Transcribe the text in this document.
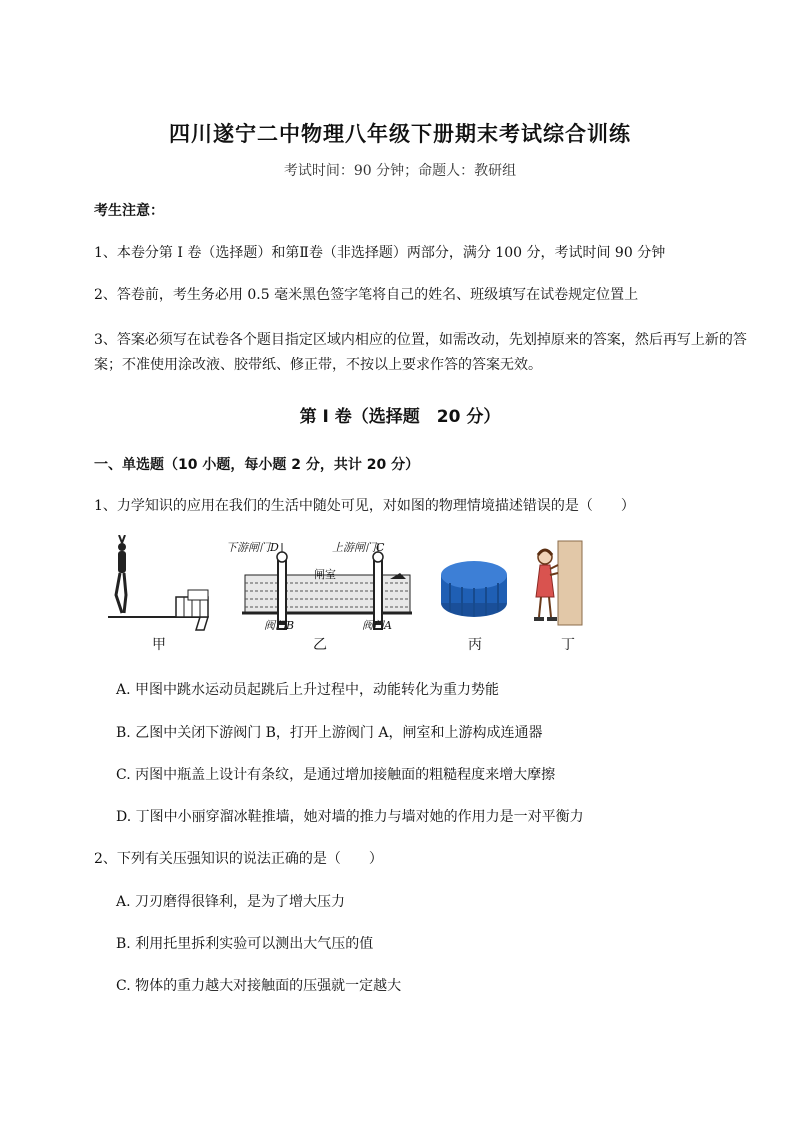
四川遂宁二中物理八年级下册期末考试综合训练
考试时间：90 分钟；命题人：教研组
考生注意：
1、本卷分第 I 卷（选择题）和第Ⅱ卷（非选择题）两部分，满分 100 分，考试时间 90 分钟
2、答卷前，考生务必用 0.5 毫米黑色签字笔将自己的姓名、班级填写在试卷规定位置上
3、答案必须写在试卷各个题目指定区域内相应的位置，如需改动，先划掉原来的答案，然后再写上新的答案；不准使用涂改液、胶带纸、修正带，不按以上要求作答的答案无效。
第 I 卷（选择题　20 分）
一、单选题（10 小题，每小题 2 分，共计 20 分）
1、力学知识的应用在我们的生活中随处可见，对如图的物理情境描述错误的是（　　）
下游闸门D	上游闸门C
闸室
阀门B	阀门A
甲	乙	丙	丁
A. 甲图中跳水运动员起跳后上升过程中，动能转化为重力势能
B. 乙图中关闭下游阀门 B，打开上游阀门 A，闸室和上游构成连通器
C. 丙图中瓶盖上设计有条纹，是通过增加接触面的粗糙程度来增大摩擦
D. 丁图中小丽穿溜冰鞋推墙，她对墙的推力与墙对她的作用力是一对平衡力
2、下列有关压强知识的说法正确的是（　　）
A. 刀刃磨得很锋利，是为了增大压力
B. 利用托里拆利实验可以测出大气压的值
C. 物体的重力越大对接触面的压强就一定越大
